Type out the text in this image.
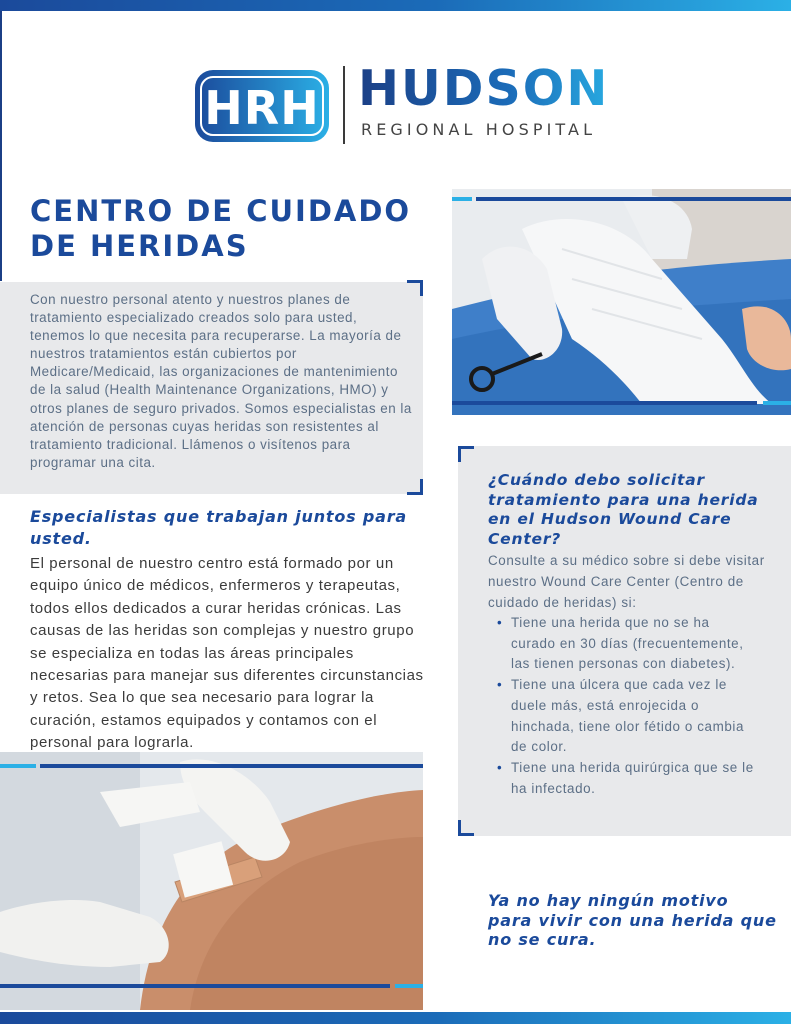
HRH HUDSON
REGIONAL HOSPITAL
CENTRO DE CUIDADO DE HERIDAS

Con nuestro personal atento y nuestros planes de tratamiento especializado creados solo para usted, tenemos lo que necesita para recuperarse. La mayoría de nuestros tratamientos están cubiertos por Medicare/Medicaid, las organizaciones de mantenimiento de la salud (Health Maintenance Organizations, HMO) y otros planes de seguro privados. Somos especialistas en la atención de personas cuyas heridas son resistentes al tratamiento tradicional. Llámenos o visítenos para programar una cita.

Especialistas que trabajan juntos para usted.

El personal de nuestro centro está formado por un equipo único de médicos, enfermeros y terapeutas, todos ellos dedicados a curar heridas crónicas. Las causas de las heridas son complejas y nuestro grupo se especializa en todas las áreas principales necesarias para manejar sus diferentes circunstancias y retos. Sea lo que sea necesario para lograr la curación, estamos equipados y contamos con el personal para lograrla.

¿Cuándo debo solicitar tratamiento para una herida en el Hudson Wound Care Center?

Consulte a su médico sobre si debe visitar nuestro Wound Care Center (Centro de cuidado de heridas) si:

• Tiene una herida que no se ha curado en 30 días (frecuentemente, las tienen personas con diabetes).
• Tiene una úlcera que cada vez le duele más, está enrojecida o hinchada, tiene olor fétido o cambia de color.
• Tiene una herida quirúrgica que se le ha infectado.

Ya no hay ningún motivo para vivir con una herida que no se cura.
